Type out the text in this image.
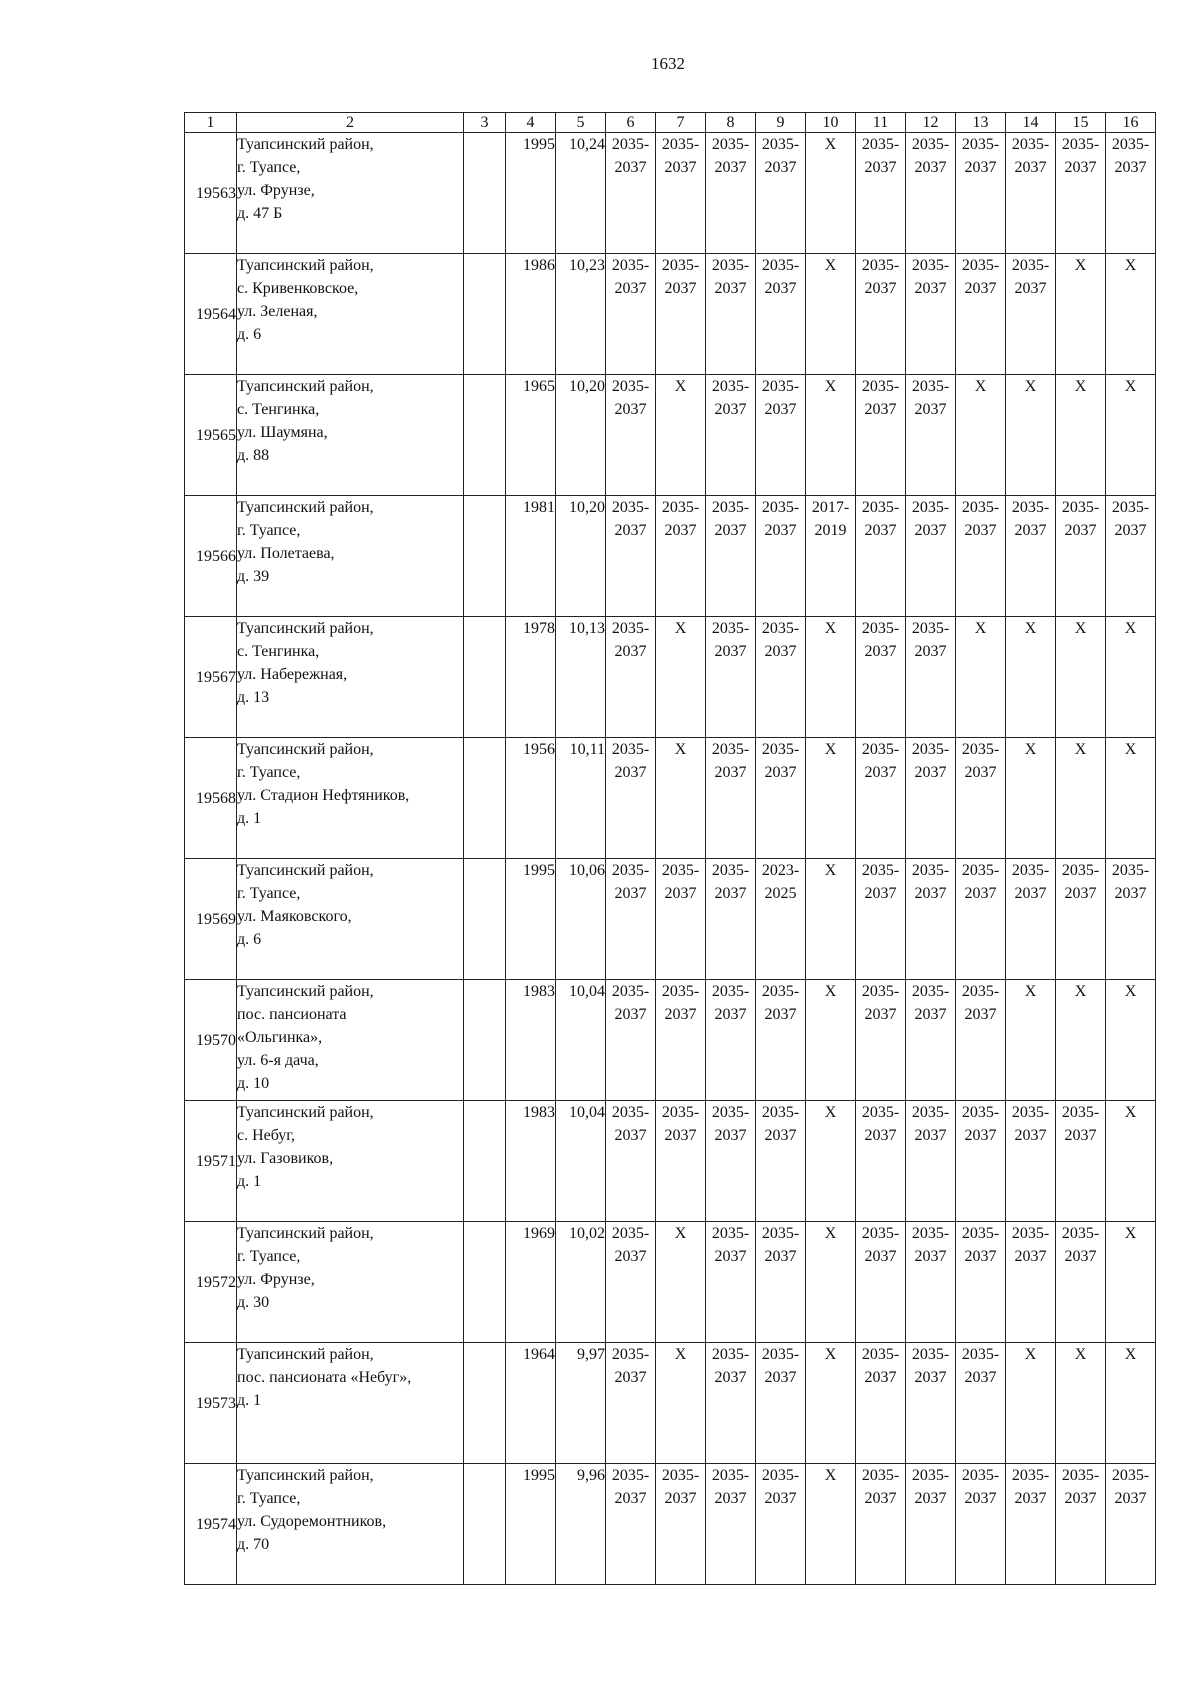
1632
1	2	3	4	5	6	7	8	9	10	11	12	13	14	15	16
19563	Туапсинский район,
г. Туапсе,
ул. Фрунзе,
д. 47 Б		1995	10,24	2035-
2037	2035-
2037	2035-
2037	2035-
2037	X	2035-
2037	2035-
2037	2035-
2037	2035-
2037	2035-
2037	2035-
2037

19564	Туапсинский район,
с. Кривенковское,
ул. Зеленая,
д. 6		1986	10,23	2035-
2037	2035-
2037	2035-
2037	2035-
2037	X	2035-
2037	2035-
2037	2035-
2037	2035-
2037	X	X
19565	Туапсинский район,
с. Тенгинка,
ул. Шаумяна,
д. 88		1965	10,20	2035-
2037	X	2035-
2037	2035-
2037	X	2035-
2037	2035-
2037	X	X	X	X
19566	Туапсинский район,
г. Туапсе,
ул. Полетаева,
д. 39		1981	10,20	2035-
2037	2035-
2037	2035-
2037	2035-
2037	2017-
2019	2035-
2037	2035-
2037	2035-
2037	2035-
2037	2035-
2037	2035-
2037

19567	Туапсинский район,
с. Тенгинка,
ул. Набережная,
д. 13		1978	10,13	2035-
2037	X	2035-
2037	2035-
2037	X	2035-
2037	2035-
2037	X	X	X	X
19568	Туапсинский район,
г. Туапсе,
ул. Стадион Нефтяников,
д. 1		1956	10,11	2035-
2037	X	2035-
2037	2035-
2037	X	2035-
2037	2035-
2037	2035-
2037	X	X	X
19569	Туапсинский район,
г. Туапсе,
ул. Маяковского,
д. 6		1995	10,06	2035-
2037	2035-
2037	2035-
2037	2023-
2025	X	2035-
2037	2035-
2037	2035-
2037	2035-
2037	2035-
2037	2035-
2037

19570	Туапсинский район,
пос. пансионата
«Ольгинка»,
ул. 6-я дача,
д. 10		1983	10,04	2035-
2037	2035-
2037	2035-
2037	2035-
2037	X	2035-
2037	2035-
2037	2035-
2037	X	X	X
19571	Туапсинский район,
с. Небуг,
ул. Газовиков,
д. 1		1983	10,04	2035-
2037	2035-
2037	2035-
2037	2035-
2037	X	2035-
2037	2035-
2037	2035-
2037	2035-
2037	2035-
2037	X
19572	Туапсинский район,
г. Туапсе,
ул. Фрунзе,
д. 30		1969	10,02	2035-
2037	X	2035-
2037	2035-
2037	X	2035-
2037	2035-
2037	2035-
2037	2035-
2037	2035-
2037	X
19573	Туапсинский район,
пос. пансионата «Небуг»,
д. 1		1964	9,97	2035-
2037	X	2035-
2037	2035-
2037	X	2035-
2037	2035-
2037	2035-
2037	X	X	X
19574	Туапсинский район,
г. Туапсе,
ул. Судоремонтников,
д. 70		1995	9,96	2035-
2037	2035-
2037	2035-
2037	2035-
2037	X	2035-
2037	2035-
2037	2035-
2037	2035-
2037	2035-
2037	2035-
2037
